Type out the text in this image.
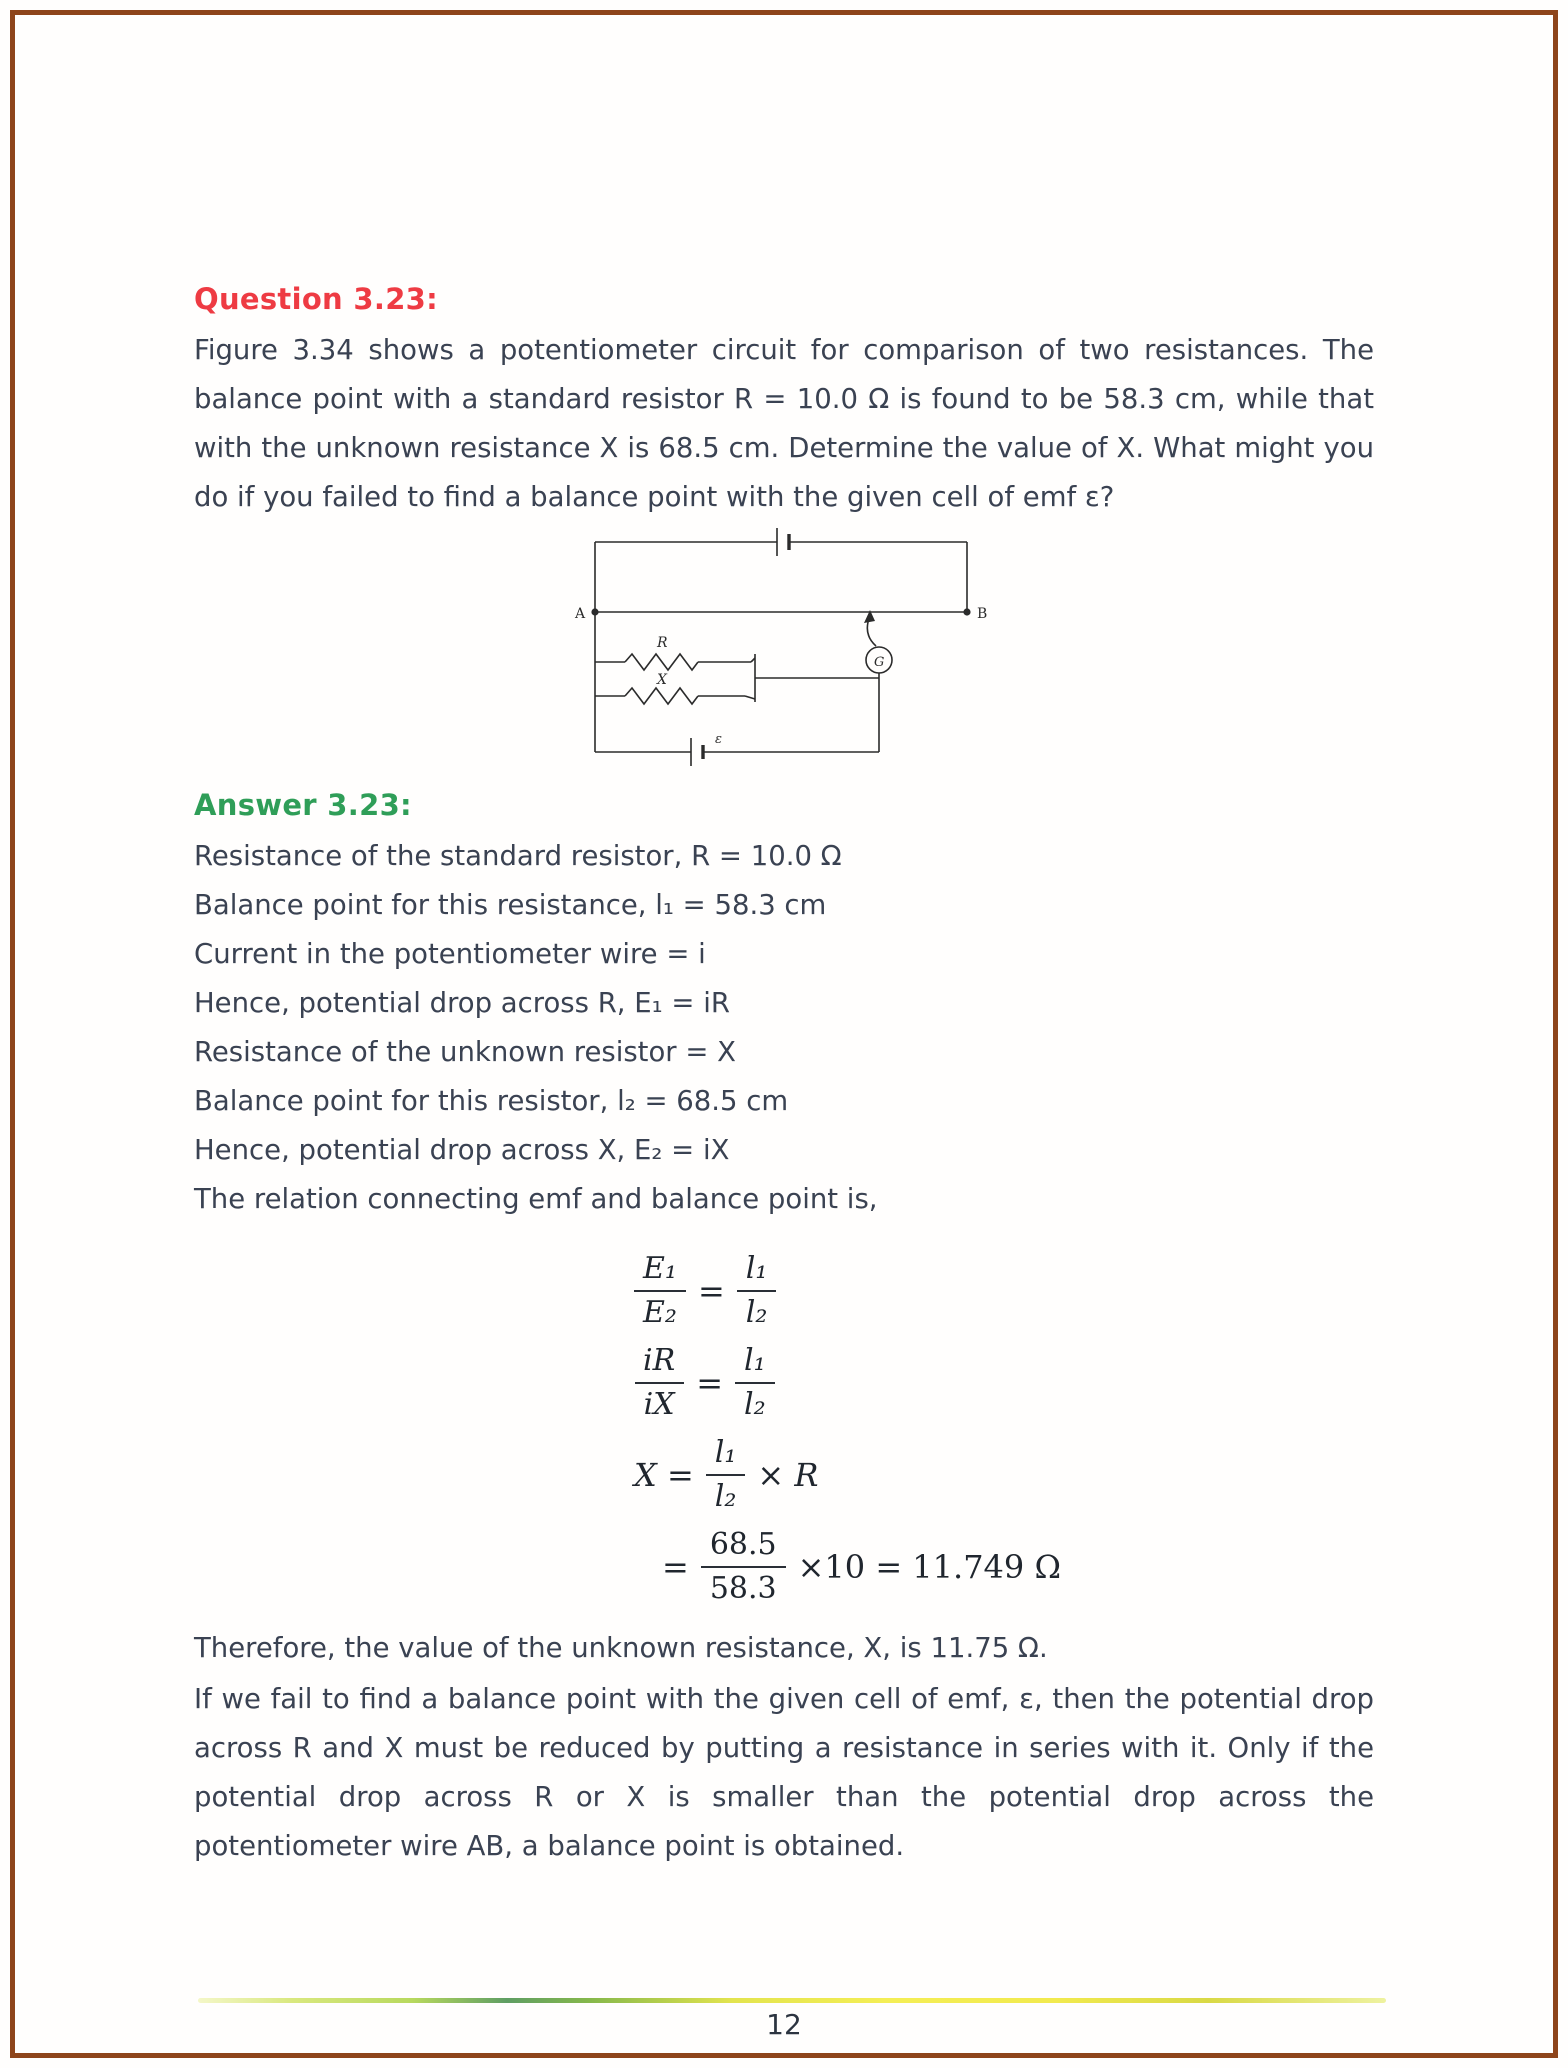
Question 3.23:
Figure 3.34 shows a potentiometer circuit for comparison of two resistances. The balance point with a standard resistor R = 10.0 Ω is found to be 58.3 cm, while that with the unknown resistance X is 68.5 cm. Determine the value of X. What might you do if you failed to find a balance point with the given cell of emf ε?
A	B
R
X
G
ε
Answer 3.23:
Resistance of the standard resistor, R = 10.0 Ω
Balance point for this resistance, l₁ = 58.3 cm
Current in the potentiometer wire = i
Hence, potential drop across R, E₁ = iR
Resistance of the unknown resistor = X
Balance point for this resistor, l₂ = 68.5 cm
Hence, potential drop across X, E₂ = iX
The relation connecting emf and balance point is,
$\frac{\text{E₁}}{\text{E₂}} = \frac{\text{l₁}}{\text{l₂}}$
$\frac{iR}{iX} = \frac{\text{l₁}}{\text{l₂}}$
$X = \frac{\text{l₁}}{\text{l₂}} \times R$
= $\frac{68.5}{58.3} \times 10 = 11.749$ Ω
Therefore, the value of the unknown resistance, X, is 11.75 Ω.
If we fail to find a balance point with the given cell of emf, ε, then the potential drop across R and X must be reduced by putting a resistance in series with it. Only if the potential drop across R or X is smaller than the potential drop across the potentiometer wire AB, a balance point is obtained.
12
